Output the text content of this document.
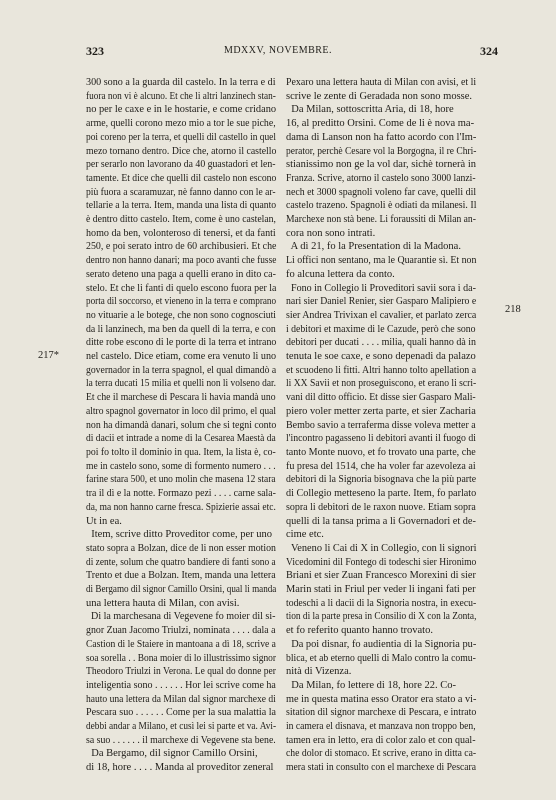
323	MDXXV, NOVEMBRE.	324
217*
218

300 sono a la guarda dil castelo. In la terra e di

fuora non vi è alcuno. Et che li altri lanzinech stan-

no per le caxe e in le hostarie, e come cridano

arme, quelli corono mezo mio a tor le sue piche,

poi coreno per la terra, et quelli dil castello in quel

mezo tornano dentro. Dice che, atorno il castello

per serarlo non lavorano da 40 guastadori et len-

tamente. Et dice che quelli dil castelo non escono

più fuora a scaramuzar, nè fanno danno con le ar-

tellarie a la terra. Item, manda una lista di quanto

è dentro ditto castelo. Item, come è uno castelan,

homo da ben, volonteroso di tenersi, et da fanti

250, e poi serato intro de 60 archibusieri. Et che

dentro non hanno danari; ma poco avanti che fusse

serato deteno una paga a quelli erano in dito ca-

stelo. Et che li fanti di quelo escono fuora per la

porta dil soccorso, et vieneno in la terra e comprano

no vituarie a le botege, che non sono cognosciuti

da li lanzinech, ma ben da quell di la terra, e con

ditte robe escono di le porte di la terra et intrano

nel castelo. Dice etiam, come era venuto li uno

governador in la terra spagnol, el qual dimandò a

la terra ducati 15 milia et quelli non li volseno dar.

Et che il marchese di Pescara li havia mandà uno

altro spagnol governator in loco dil primo, el qual

non ha dimandà danari, solum che si tegni conto

di dacii et intrade a nome di la Cesarea Maestà da

poi fo tolto il dominio in qua. Item, la lista è, co-

me in castelo sono, some di formento numero . . .

farine stara 500, et uno molin che masena 12 stara

tra il dì e la notte. Formazo pezi . . . . carne sala-

da, ma non hanno carne fresca. Spizierie assai etc.

Ut in ea.

Item, scrive ditto Proveditor come, per uno

stato sopra a Bolzan, dice de li non esser motion

di zente, solum che quatro bandiere di fanti sono a

Trento et due a Bolzan. Item, manda una lettera

di Bergamo dil signor Camillo Orsini, qual li manda

una lettera hauta di Milan, con avisi.

Di la marchesana di Vegevene fo moier dil si-

gnor Zuan Jacomo Triulzi, nominata . . . . dala a

Castion di le Staiere in mantoana a dì 18, scrive a

soa sorella . . Bona moier di lo illustrissimo signor

Theodoro Triulzi in Verona. Le qual do donne per

inteligentia sono . . . . . . Hor lei scrive come ha

hauto una lettera da Milan dal signor marchexe di

Pescara suo . . . . . . Come per la sua malattia la

debbi andar a Milano, et cusì lei si parte et va. Avi-

sa suo . . . . . . il marchexe di Vegevene sta bene.

Da Bergamo, dil signor Camillo Orsini,

di 18, hore . . . . Manda al proveditor zeneral

Pexaro una lettera hauta di Milan con avisi, et li

scrive le zente di Geradada non sono mosse.

Da Milan, sottoscritta Aria, di 18, hore

16, al preditto Orsini. Come de li è nova ma-

dama di Lanson non ha fatto acordo con l'Im-

perator, perchè Cesare vol la Borgogna, il re Chri-

stianissimo non ge la vol dar, sichè tornerà in

Franza. Scrive, atorno il castelo sono 3000 lanzi-

nech et 3000 spagnoli voleno far cave, quelli dil

castelo trazeno. Spagnoli è odiati da milanesi. Il

Marchexe non stà bene. Li foraussiti di Milan an-

cora non sono intrati.

A dì 21, fo la Presentation di la Madona.

Li offici non sentano, ma le Quarantie sì. Et non

fo alcuna lettera da conto.

Fono in Collegio li Proveditori savii sora i da-

nari sier Daniel Renier, sier Gasparo Malipiero e

sier Andrea Trivixan el cavalier, et parlato zerca

i debitori et maxime di le Cazude, però che sono

debitori per ducati . . . . milia, quali hanno dà in

tenuta le soe caxe, e sono depenadi da palazo

et scuodeno li fitti. Altri hanno tolto apellation a

li XX Savii et non proseguiscono, et erano li scri-

vani dil ditto officio. Et disse sier Gasparo Mali-

piero voler metter zerta parte, et sier Zacharia

Bembo savio a terraferma disse voleva metter a

l'incontro pagasseno li debitori avanti il fuogo di

tanto Monte nuovo, et fo trovato una parte, che

fu presa del 1514, che ha voler far azevoleza ai

debitori di la Signoria bisognava che la più parte

di Collegio metteseno la parte. Item, fo parlato

sopra li debitori de le raxon nuove. Etiam sopra

quelli di la tansa prima a li Governadori et de-

cime etc.

Veneno li Cai di X in Collegio, con li signori

Vicedomini dil Fontego di todeschi sier Hironimo

Briani et sier Zuan Francesco Morexini di sier

Marin stati in Friul per veder li ingani fati per

todeschi a li dacii di la Signoria nostra, in execu-

tion di la parte presa in Consilio di X con la Zonta,

et fo referito quanto hanno trovato.

Da poi disnar, fo audientia di la Signoria pu-

blica, et ab eterno quelli di Malo contro la comu-

nità di Vizenza.

Da Milan, fo lettere di 18, hore 22. Co-

me in questa matina esso Orator era stato a vi-

sitation dil signor marchexe di Pescara, e intrato

in camera el disnava, et manzava non troppo ben,

tamen era in letto, era di color zalo et con qual-

che dolor di stomaco. Et scrive, erano in ditta ca-

mera stati in consulto con el marchexe di Pescara
